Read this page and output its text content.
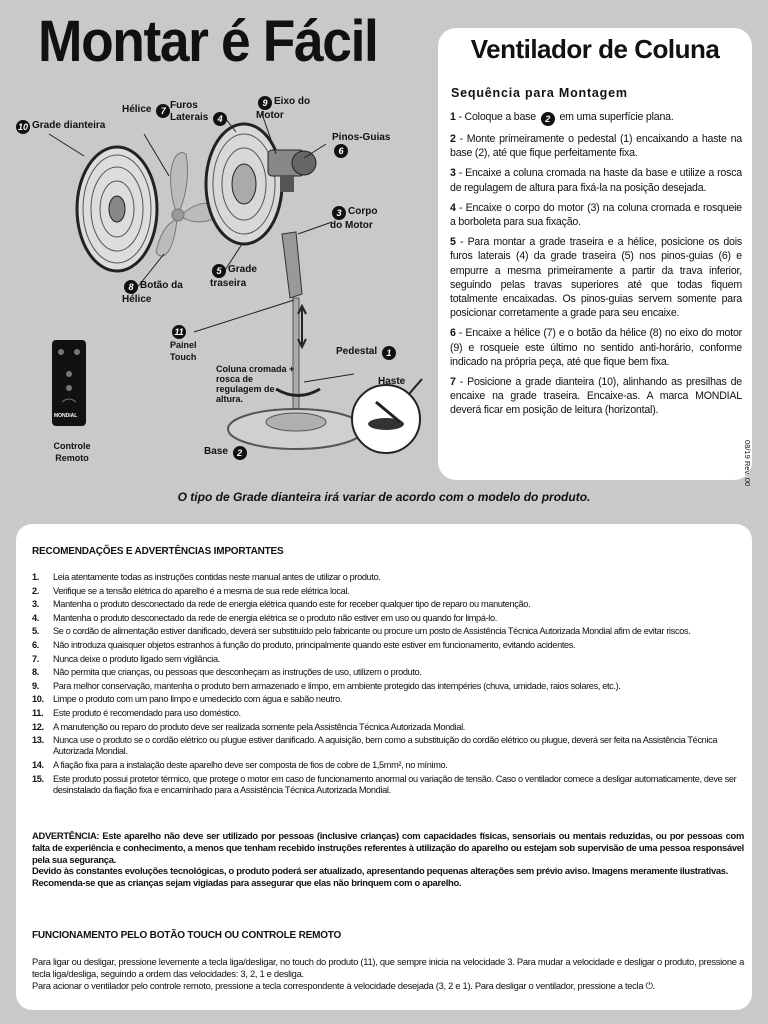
Montar é Fácil
10 Grade dianteira
Hélice 7 Furos Laterais 4
9 Eixo do Motor
Pinos-Guias 6
3 Corpo do Motor
5 Grade traseira
8 Botão da Hélice
11Painel Touch
Coluna cromada + rosca de regulagem de altura.
Pedestal 1
Haste
Base 2
Controle Remoto
MONDIAL
Ventilador de Coluna
Sequência para Montagem

1 - Coloque a base 2 em uma superfície plana.

2 - Monte primeiramente o pedestal (1) encaixando a haste na base (2), até que fique perfeitamente fixa.

3 - Encaixe a coluna cromada na haste da base e utilize a rosca de regulagem de altura para fixá-la na posição desejada.

4 - Encaixe o corpo do motor (3) na coluna cromada e rosqueie a borboleta para sua fixação.

5 - Para montar a grade traseira e a hélice, posicione os dois furos laterais (4) da grade traseira (5) nos pinos-guias (6) e empurre a mesma primeiramente a partir da trava inferior, seguindo pelas travas superiores até que todas fiquem totalmente encaixadas. Os pinos-guias servem somente para posicionar corretamente a grade para seu encaixe.

6 - Encaixe a hélice (7) e o botão da hélice (8) no eixo do motor (9) e rosqueie este último no sentido anti-horário, conforme indicado na própria peça, até que fique bem fixa.

7 - Posicione a grade dianteira (10), alinhando as presilhas de encaixe na grade traseira. Encaixe-as. A marca MONDIAL deverá ficar em posição de leitura (horizontal).

08/19 Rev. 00
O tipo de Grade dianteira irá variar de acordo com o modelo do produto.
RECOMENDAÇÕES E ADVERTÊNCIAS IMPORTANTES
1.	Leia atentamente todas as instruções contidas neste manual antes de utilizar o produto.
2.	Verifique se a tensão elétrica do aparelho é a mesma de sua rede elétrica local.
3.	Mantenha o produto desconectado da rede de energia elétrica quando este for receber qualquer tipo de reparo ou manutenção.
4.	Mantenha o produto desconectado da rede de energia elétrica se o produto não estiver em uso ou quando for limpá-lo.
5.	Se o cordão de alimentação estiver danificado, deverá ser substituído pelo fabricante ou procure um posto de Assistência Técnica Autorizada Mondial afim de evitar riscos.
6.	Não introduza quaisquer objetos estranhos à função do produto, principalmente quando este estiver em funcionamento, evitando acidentes.
7.	Nunca deixe o produto ligado sem vigilância.
8.	Não permita que crianças, ou pessoas que desconheçam as instruções de uso, utilizem o produto.
9.	Para melhor conservação, mantenha o produto bem armazenado e limpo, em ambiente protegido das intempéries (chuva, umidade, raios solares, etc.).
10.	Limpe o produto com um pano limpo e umedecido com água e sabão neutro.
11.	Este produto é recomendado para uso doméstico.
12.	A manutenção ou reparo do produto deve ser realizada somente pela Assistência Técnica Autorizada Mondial.
13.	Nunca use o produto se o cordão elétrico ou plugue estiver danificado. A aquisição, bem como a substituição do cordão elétrico ou plugue, deverá ser feita na Assistência Técnica Autorizada Mondial.
14.	A fiação fixa para a instalação deste aparelho deve ser composta de fios de cobre de 1,5mm², no mínimo.
15.	Este produto possui protetor térmico, que protege o motor em caso de funcionamento anormal ou variação de tensão. Caso o ventilador comece a desligar automaticamente, deve ser desinstalado da fiação fixa e encaminhado para a Assistência Técnica Autorizada Mondial.

ADVERTÊNCIA: Este aparelho não deve ser utilizado por pessoas (inclusive crianças) com capacidades físicas, sensoriais ou mentais reduzidas, ou por pessoas com falta de experiência e conhecimento, a menos que tenham recebido instruções referentes à utilização do aparelho ou estejam sob supervisão de uma pessoa responsável pela sua segurança.

Devido às constantes evoluções tecnológicas, o produto poderá ser atualizado, apresentando pequenas alterações sem prévio aviso. Imagens meramente ilustrativas.

Recomenda-se que as crianças sejam vigiadas para assegurar que elas não brinquem com o aparelho.

FUNCIONAMENTO PELO BOTÃO TOUCH OU CONTROLE REMOTO

Para ligar ou desligar, pressione levemente a tecla liga/desligar, no touch do produto (11), que sempre inicia na velocidade 3. Para mudar a velocidade e desligar o produto, pressione a tecla liga/desliga, seguindo a ordem das velocidades: 3, 2, 1 e desliga.

Para acionar o ventilador pelo controle remoto, pressione a tecla correspondente à velocidade desejada (3, 2 e 1). Para desligar o ventilador, pressione a tecla ⏻.
